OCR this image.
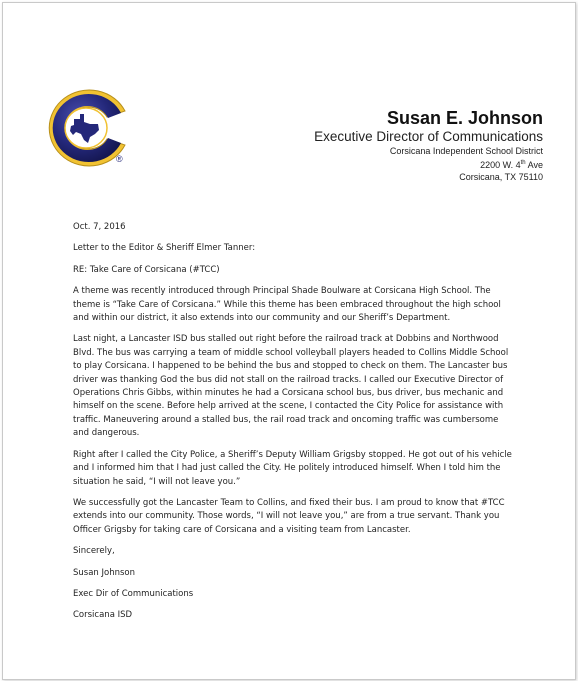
®
Susan E. Johnson
Executive Director of Communications
Corsicana Independent School District
2200 W. 4th Ave
Corsicana, TX 75110

Oct. 7, 2016

Letter to the Editor & Sheriff Elmer Tanner:

RE: Take Care of Corsicana (#TCC)

A theme was recently introduced through Principal Shade Boulware at Corsicana High School. The theme is “Take Care of Corsicana.” While this theme has been embraced throughout the high school and within our district, it also extends into our community and our Sheriff’s Department.

Last night, a Lancaster ISD bus stalled out right before the railroad track at Dobbins and Northwood Blvd. The bus was carrying a team of middle school volleyball players headed to Collins Middle School to play Corsicana. I happened to be behind the bus and stopped to check on them. The Lancaster bus driver was thanking God the bus did not stall on the railroad tracks. I called our Executive Director of Operations Chris Gibbs, within minutes he had a Corsicana school bus, bus driver, bus mechanic and himself on the scene. Before help arrived at the scene, I contacted the City Police for assistance with traffic. Maneuvering around a stalled bus, the rail road track and oncoming traffic was cumbersome and dangerous.

Right after I called the City Police, a Sheriff’s Deputy William Grigsby stopped. He got out of his vehicle and I informed him that I had just called the City. He politely introduced himself. When I told him the situation he said, “I will not leave you.”

We successfully got the Lancaster Team to Collins, and fixed their bus. I am proud to know that #TCC extends into our community. Those words, “I will not leave you,” are from a true servant. Thank you Officer Grigsby for taking care of Corsicana and a visiting team from Lancaster.

Sincerely,

Susan Johnson

Exec Dir of Communications

Corsicana ISD
